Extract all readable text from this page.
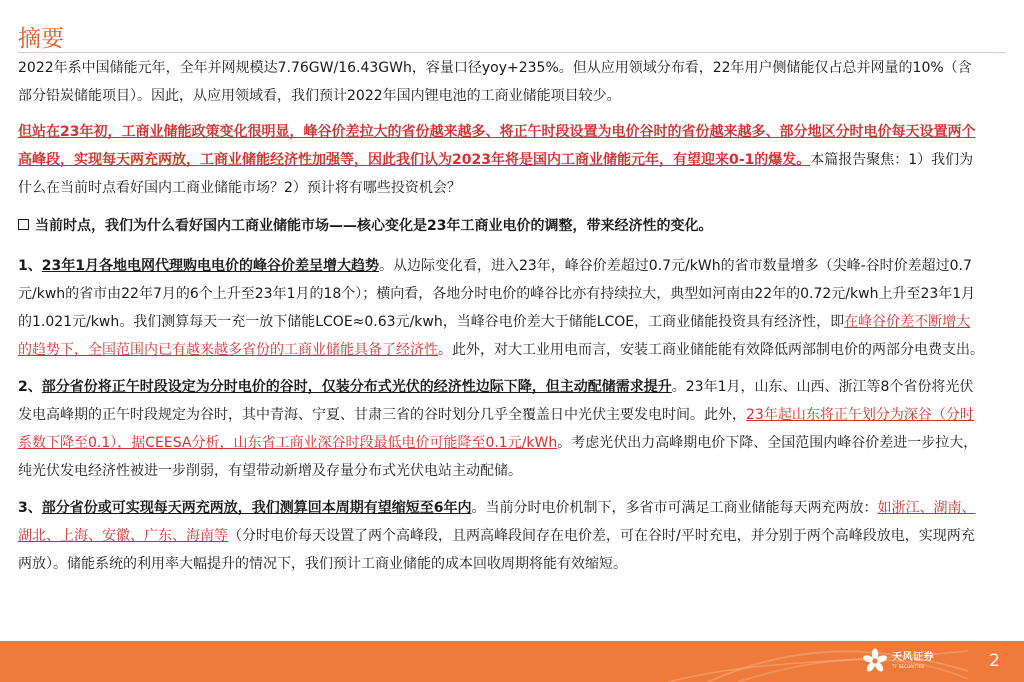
摘要

2022年系中国储能元年，全年并网规模达7.76GW/16.43GWh，容量口径yoy+235%。但从应用领域分布看，22年用户侧储能仅占总并网量的10%（含部分铅炭储能项目）。因此，从应用领域看，我们预计2022年国内锂电池的工商业储能项目较少。

但站在23年初，工商业储能政策变化很明显，峰谷价差拉大的省份越来越多、将正午时段设置为电价谷时的省份越来越多、部分地区分时电价每天设置两个高峰段，实现每天两充两放，工商业储能经济性加强等，因此我们认为2023年将是国内工商业储能元年，有望迎来0-1的爆发。本篇报告聚焦：1）我们为什么在当前时点看好国内工商业储能市场？2）预计将有哪些投资机会？

当前时点，我们为什么看好国内工商业储能市场——核心变化是23年工商业电价的调整，带来经济性的变化。

1、23年1月各地电网代理购电电价的峰谷价差呈增大趋势。从边际变化看，进入23年，峰谷价差超过0.7元/kWh的省市数量增多（尖峰-谷时价差超过0.7元/kwh的省市由22年7月的6个上升至23年1月的18个）；横向看，各地分时电价的峰谷比亦有持续拉大，典型如河南由22年的0.72元/kwh上升至23年1月的1.021元/kwh。我们测算每天一充一放下储能LCOE≈0.63元/kwh，当峰谷电价差大于储能LCOE，工商业储能投资具有经济性，即在峰谷价差不断增大的趋势下，全国范围内已有越来越多省份的工商业储能具备了经济性。此外，对大工业用电而言，安装工商业储能能有效降低两部制电价的两部分电费支出。

2、部分省份将正午时段设定为分时电价的谷时，仅装分布式光伏的经济性边际下降，但主动配储需求提升。23年1月，山东、山西、浙江等8个省份将光伏发电高峰期的正午时段规定为谷时，其中青海、宁夏、甘肃三省的谷时划分几乎全覆盖日中光伏主要发电时间。此外，23年起山东将正午划分为深谷（分时系数下降至0.1），据CEESA分析，山东省工商业深谷时段最低电价可能降至0.1元/kWh。考虑光伏出力高峰期电价下降、全国范围内峰谷价差进一步拉大，纯光伏发电经济性被进一步削弱，有望带动新增及存量分布式光伏电站主动配储。

3、部分省份或可实现每天两充两放，我们测算回本周期有望缩短至6年内。当前分时电价机制下，多省市可满足工商业储能每天两充两放：如浙江、湖南、湖北、上海、安徽、广东、海南等（分时电价每天设置了两个高峰段，且两高峰段间存在电价差，可在谷时/平时充电，并分别于两个高峰段放电，实现两充两放）。储能系统的利用率大幅提升的情况下，我们预计工商业储能的成本回收周期将能有效缩短。

天风证券
TF SECURITIES	2
